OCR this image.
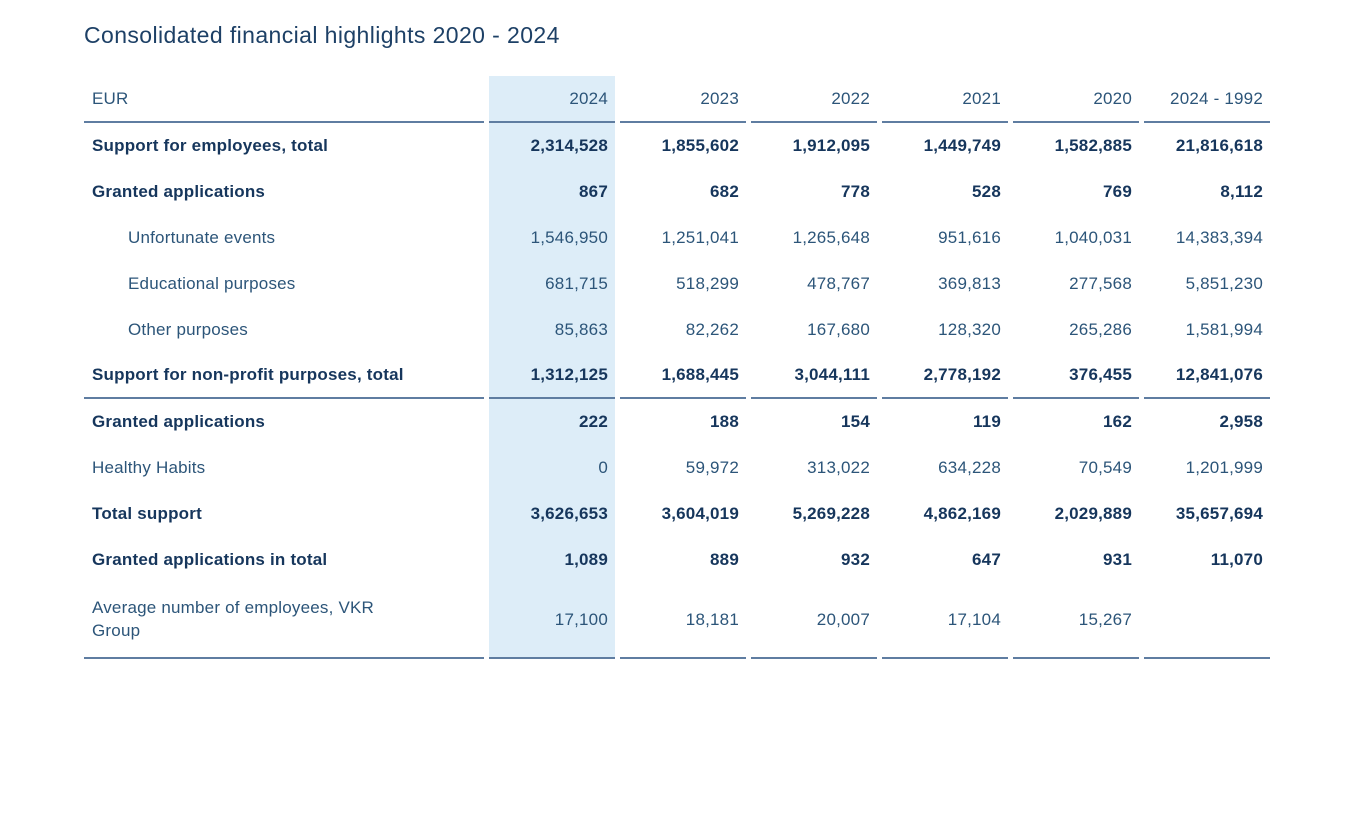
Consolidated financial highlights 2020 - 2024
EUR	2024	2023	2022	2021	2020	2024 - 1992
Support for employees, total	2,314,528	1,855,602	1,912,095	1,449,749	1,582,885	21,816,618
Granted applications	867	682	778	528	769	8,112
Unfortunate events	1,546,950	1,251,041	1,265,648	951,616	1,040,031	14,383,394
Educational purposes	681,715	518,299	478,767	369,813	277,568	5,851,230
Other purposes	85,863	82,262	167,680	128,320	265,286	1,581,994
Support for non-profit purposes, total	1,312,125	1,688,445	3,044,111	2,778,192	376,455	12,841,076
Granted applications	222	188	154	119	162	2,958
Healthy Habits	0	59,972	313,022	634,228	70,549	1,201,999
Total support	3,626,653	3,604,019	5,269,228	4,862,169	2,029,889	35,657,694
Granted applications in total	1,089	889	932	647	931	11,070
Average number of employees, VKR Group	17,100	18,181	20,007	17,104	15,267	
